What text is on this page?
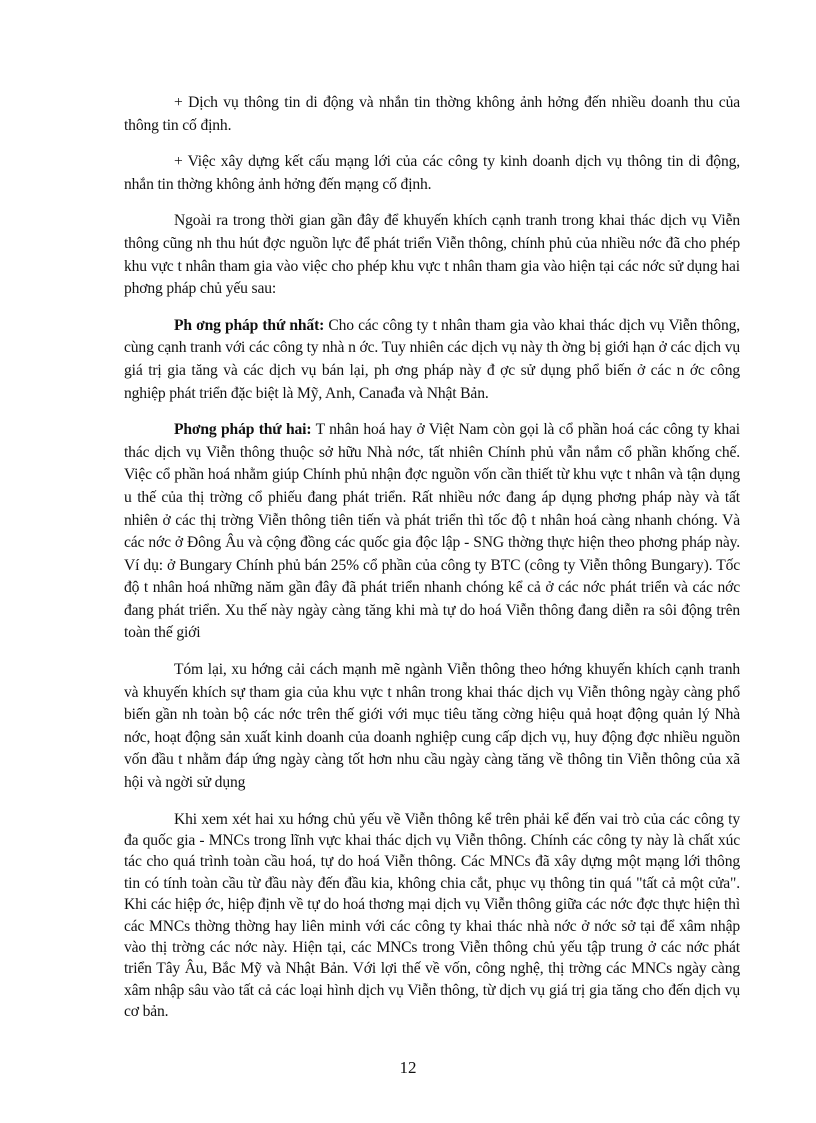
+ Dịch vụ thông tin di động và nhắn tin thờng không ảnh hởng đến nhiều doanh thu của thông tin cố định.

+ Việc xây dựng kết cấu mạng lới của các công ty kinh doanh dịch vụ thông tin di động, nhắn tin thờng không ảnh hởng đến mạng cố định.

Ngoài ra trong thời gian gần đây để khuyến khích cạnh tranh trong khai thác dịch vụ Viễn thông cũng nh thu hút đợc nguồn lực để phát triển Viễn thông, chính phủ của nhiều nớc đã cho phép khu vực t nhân tham gia vào việc cho phép khu vực t nhân tham gia vào hiện tại các nớc sử dụng hai phơng pháp chủ yếu sau:

Ph ơng pháp thứ nhất: Cho các công ty t nhân tham gia vào khai thác dịch vụ Viễn thông, cùng cạnh tranh với các công ty nhà n ớc. Tuy nhiên các dịch vụ này th ờng bị giới hạn ở các dịch vụ giá trị gia tăng và các dịch vụ bán lại, ph ơng pháp này đ ợc sử dụng phổ biến ở các n ớc công nghiệp phát triển đặc biệt là Mỹ, Anh, Canađa và Nhật Bản.

Phơng pháp thứ hai: T nhân hoá hay ở Việt Nam còn gọi là cổ phần hoá các công ty khai thác dịch vụ Viễn thông thuộc sở hữu Nhà nớc, tất nhiên Chính phủ vẫn nắm cổ phần khống chế. Việc cổ phần hoá nhằm giúp Chính phủ nhận đợc nguồn vốn cần thiết từ khu vực t nhân và tận dụng u thế của thị trờng cổ phiếu đang phát triển. Rất nhiều nớc đang áp dụng phơng pháp này và tất nhiên ở các thị trờng Viễn thông tiên tiến và phát triển thì tốc độ t nhân hoá càng nhanh chóng. Và các nớc ở Đông Âu và cộng đồng các quốc gia độc lập - SNG thờng thực hiện theo phơng pháp này. Ví dụ: ở Bungary Chính phủ bán 25% cổ phần của công ty BTC (công ty Viễn thông Bungary). Tốc độ t nhân hoá những năm gần đây đã phát triển nhanh chóng kể cả ở các nớc phát triển và các nớc đang phát triển. Xu thế này ngày càng tăng khi mà tự do hoá Viễn thông đang diễn ra sôi động trên toàn thế giới

Tóm lại, xu hớng cải cách mạnh mẽ ngành Viễn thông theo hớng khuyến khích cạnh tranh và khuyến khích sự tham gia của khu vực t nhân trong khai thác dịch vụ Viễn thông ngày càng phổ biến gần nh toàn bộ các nớc trên thế giới với mục tiêu tăng cờng hiệu quả hoạt động quản lý Nhà nớc, hoạt động sản xuất kinh doanh của doanh nghiệp cung cấp dịch vụ, huy động đợc nhiều nguồn vốn đầu t nhằm đáp ứng ngày càng tốt hơn nhu cầu ngày càng tăng về thông tin Viễn thông của xã hội và ngời sử dụng

Khi xem xét hai xu hớng chủ yếu về Viễn thông kể trên phải kể đến vai trò của các công ty đa quốc gia - MNCs trong lĩnh vực khai thác dịch vụ Viễn thông. Chính các công ty này là chất xúc tác cho quá trình toàn cầu hoá, tự do hoá Viễn thông. Các MNCs đã xây dựng một mạng lới thông tin có tính toàn cầu từ đầu này đến đầu kia, không chia cắt, phục vụ thông tin quá "tất cả một cửa". Khi các hiệp ớc, hiệp định về tự do hoá thơng mại dịch vụ Viễn thông giữa các nớc đợc thực hiện thì các MNCs thờng thờng hay liên minh với các công ty khai thác nhà nớc ở nớc sở tại để xâm nhập vào thị trờng các nớc này. Hiện tại, các MNCs trong Viễn thông chủ yếu tập trung ở các nớc phát triển Tây Âu, Bắc Mỹ và Nhật Bản. Với lợi thế về vốn, công nghệ, thị trờng các MNCs ngày càng xâm nhập sâu vào tất cả các loại hình dịch vụ Viễn thông, từ dịch vụ giá trị gia tăng cho đến dịch vụ cơ bản.

12
